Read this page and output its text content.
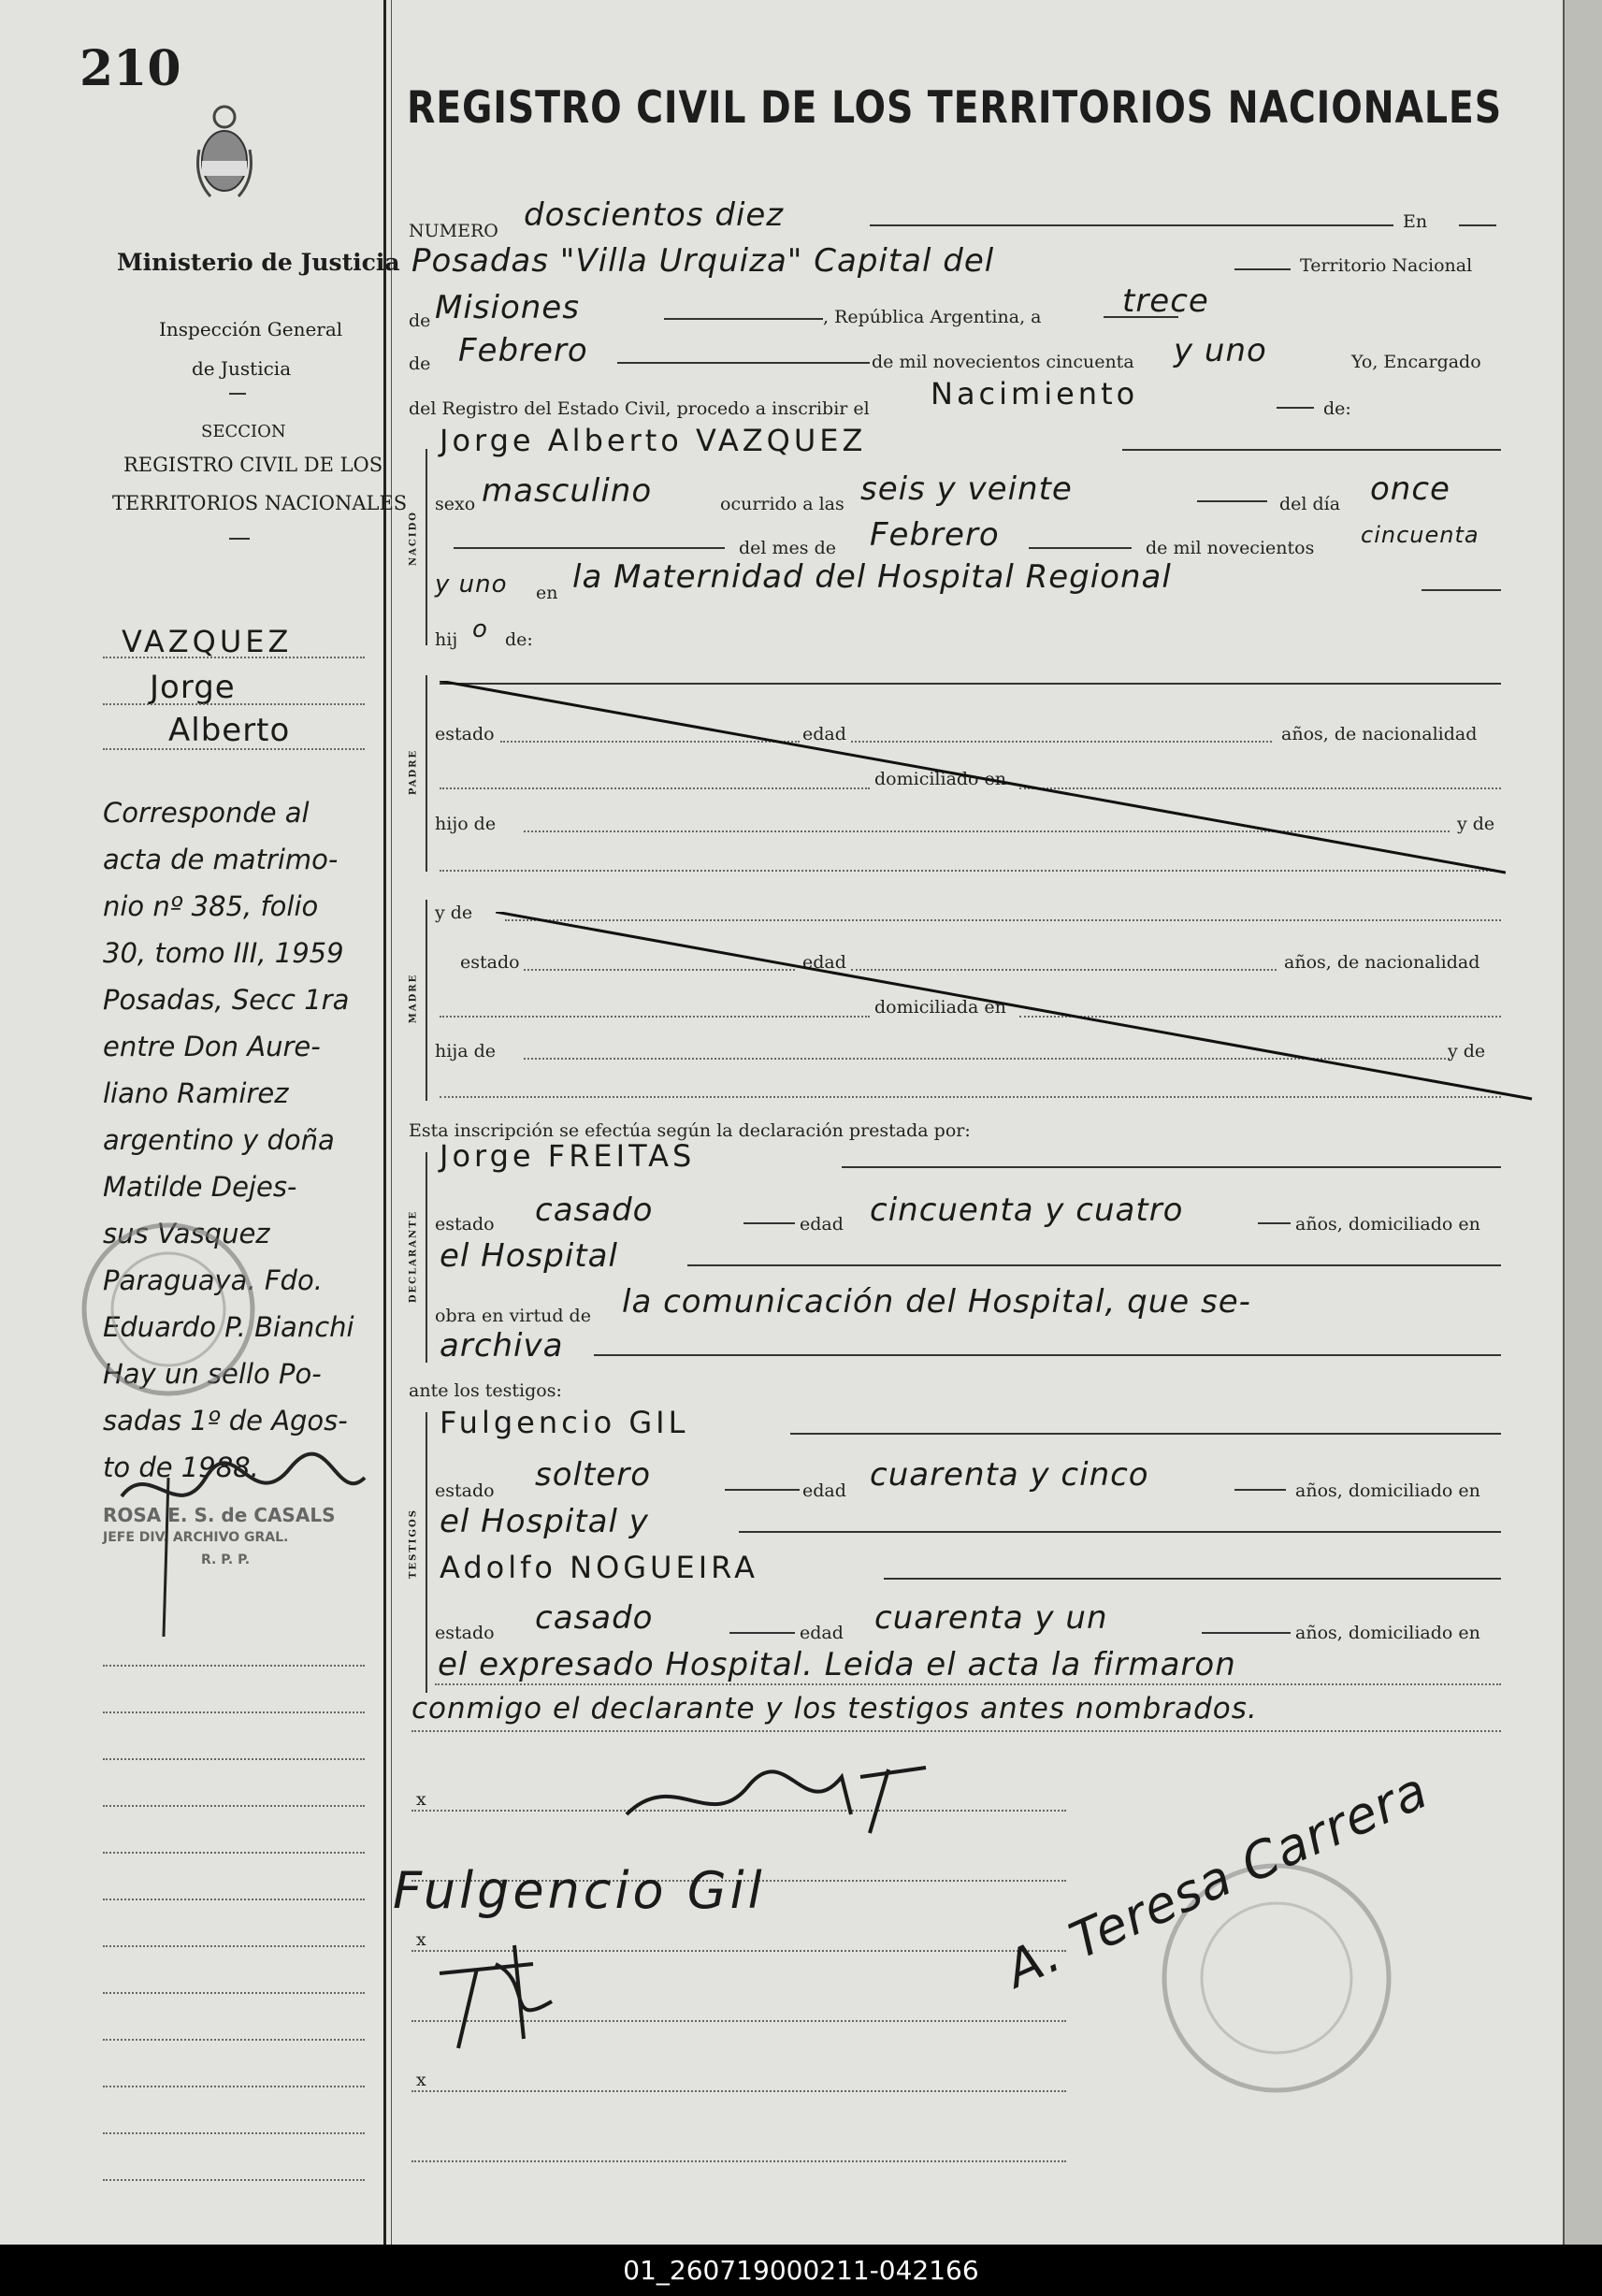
210
Ministerio de Justicia
Inspección General
de Justicia
SECCION
REGISTRO CIVIL DE LOS
TERRITORIOS NACIONALES
VAZQUEZ
Jorge
Alberto
Corresponde al
acta de matrimo-
nio nº 385, folio
30, tomo III, 1959
Posadas, Secc 1ra
entre Don Aure-
liano Ramirez
argentino y doña
Matilde Dejes-
sus Vasquez
Paraguaya. Fdo.
Eduardo P. Bianchi
Hay un sello Po-
sadas 1º de Agos-
to de 1988.
ROSA E. S. de CASALS
JEFE DIV. ARCHIVO GRAL.
R. P. P.
REGISTRO CIVIL DE LOS TERRITORIOS NACIONALES
NUMERO doscientos diez	En
Posadas "Villa Urquiza" Capital del	Territorio Nacional
de Misiones	, República Argentina, a	trece
de Febrero	de mil novecientos cincuenta y uno	Yo, Encargado
del Registro del Estado Civil, procedo a inscribir el Nacimiento	de:
NACIDO
Jorge Alberto VAZQUEZ
sexo masculino	ocurrido a las seis y veinte	del día once
del mes de Febrero	de mil novecientos cincuenta
y uno en la Maternidad del Hospital Regional
hij o de:
PADRE
estado	edad	años, de nacionalidad
domiciliado en
hijo de	y de
MADRE
y de
estado	edad	años, de nacionalidad
domiciliada en
hija de	y de
Esta inscripción se efectúa según la declaración prestada por:
DECLARANTE
Jorge FREITAS
estado casado	edad cincuenta y cuatro	años, domiciliado en
el Hospital
obra en virtud de la comunicación del Hospital, que se-
archiva
ante los testigos:
TESTIGOS
Fulgencio GIL
estado soltero	edad cuarenta y cinco	años, domiciliado en
el Hospital y
Adolfo NOGUEIRA
estado casado	edad cuarenta y un	años, domiciliado en
el expresado Hospital. Leida el acta la firmaron
conmigo el declarante y los testigos antes nombrados.
x
x
x
Fulgencio Gil	A. Teresa Carrera
01_260719000211-042166
